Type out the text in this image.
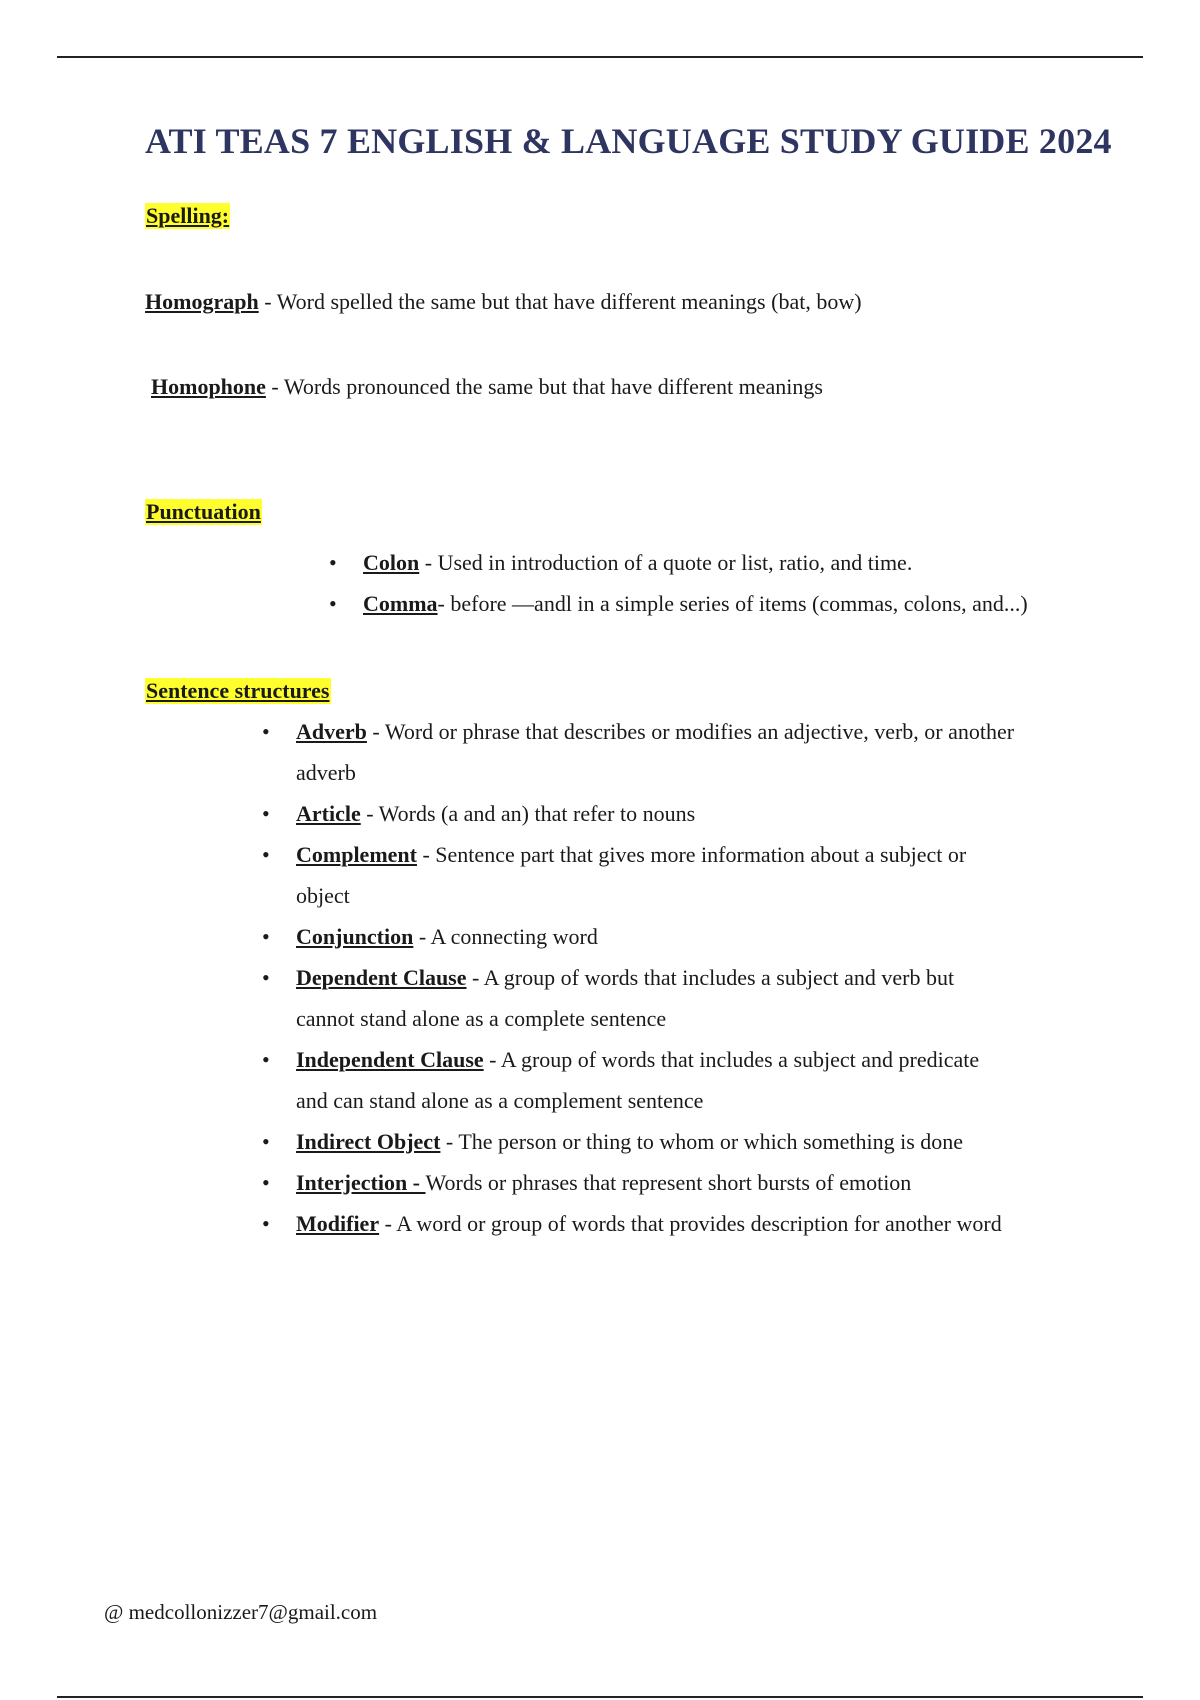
ATI TEAS 7 ENGLISH & LANGUAGE STUDY GUIDE 2024
Spelling:
Homograph - Word spelled the same but that have different meanings (bat, bow)
Homophone - Words pronounced the same but that have different meanings
Punctuation
• Colon - Used in introduction of a quote or list, ratio, and time.
• Comma- before —andl in a simple series of items (commas, colons, and...)
Sentence structures
• Adverb - Word or phrase that describes or modifies an adjective, verb, or another
adverb
• Article - Words (a and an) that refer to nouns
• Complement - Sentence part that gives more information about a subject or
object
• Conjunction - A connecting word
• Dependent Clause - A group of words that includes a subject and verb but
cannot stand alone as a complete sentence
• Independent Clause - A group of words that includes a subject and predicate
and can stand alone as a complement sentence
• Indirect Object - The person or thing to whom or which something is done
• Interjection - Words or phrases that represent short bursts of emotion
• Modifier - A word or group of words that provides description for another word
@ medcollonizzer7@gmail.com
